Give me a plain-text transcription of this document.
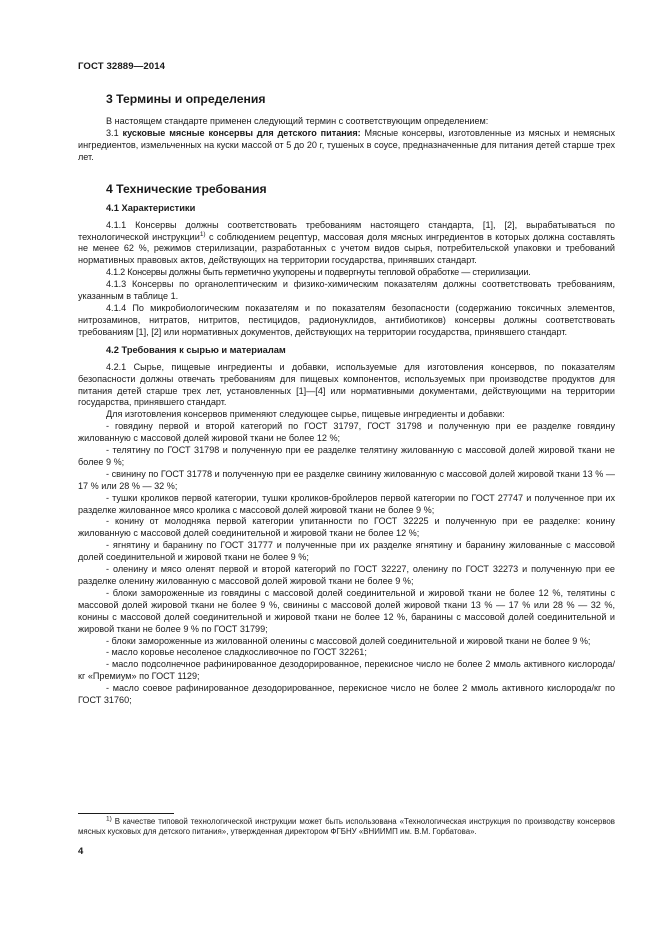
ГОСТ 32889—2014

3 Термины и определения

В настоящем стандарте применен следующий термин с соответствующим определением:

3.1 кусковые мясные консервы для детского питания: Мясные консервы, изготовленные из мясных и немясных ингредиентов, измельченных на куски массой от 5 до 20 г, тушеных в соусе, предназначенные для питания детей старше трех лет.

4 Технические требования

4.1 Характеристики

4.1.1 Консервы должны соответствовать требованиям настоящего стандарта, [1], [2], вырабатываться по технологической инструкции$^{1)}$ с соблюдением рецептур, массовая доля мясных ингредиентов в которых должна составлять не менее 62 %, режимов стерилизации, разработанных с учетом видов сырья, потребительской упаковки и требований нормативных правовых актов, действующих на территории государства, принявших стандарт.

4.1.2 Консервы должны быть герметично укупорены и подвергнуты тепловой обработке — стерилизации.

4.1.3 Консервы по органолептическим и физико-химическим показателям должны соответствовать требованиям, указанным в таблице 1.

4.1.4 По микробиологическим показателям и по показателям безопасности (содержанию токсичных элементов, нитрозаминов, нитратов, нитритов, пестицидов, радионуклидов, антибиотиков) консервы должны соответствовать требованиям [1], [2] или нормативных документов, действующих на территории государства, принявшего стандарт.

4.2 Требования к сырью и материалам

4.2.1 Сырье, пищевые ингредиенты и добавки, используемые для изготовления консервов, по показателям безопасности должны отвечать требованиям для пищевых компонентов, используемых при производстве продуктов для питания детей старше трех лет, установленных [1]—[4] или нормативными документами, действующими на территории государства, принявшего стандарт.

Для изготовления консервов применяют следующее сырье, пищевые ингредиенты и добавки:

- говядину первой и второй категорий по ГОСТ 31797, ГОСТ 31798 и полученную при ее разделке говядину жилованную с массовой долей жировой ткани не более 12 %;

- телятину по ГОСТ 31798 и полученную при ее разделке телятину жилованную с массовой долей жировой ткани не более 9 %;

- свинину по ГОСТ 31778 и полученную при ее разделке свинину жилованную с массовой долей жировой ткани 13 % — 17 % или 28 % — 32 %;

- тушки кроликов первой категории, тушки кроликов-бройлеров первой категории по ГОСТ 27747 и полученное при их разделке жилованное мясо кролика с массовой долей жировой ткани не более 9 %;

- конину от молодняка первой категории упитанности по ГОСТ 32225 и полученную при ее разделке: конину жилованную с массовой долей соединительной и жировой ткани не более 12 %;

- ягнятину и баранину по ГОСТ 31777 и полученные при их разделке ягнятину и баранину жилованные с массовой долей соединительной и жировой ткани не более 9 %;

- оленину и мясо оленят первой и второй категорий по ГОСТ 32227, оленину по ГОСТ 32273 и полученную при ее разделке оленину жилованную с массовой долей жировой ткани не более 9 %;

- блоки замороженные из говядины с массовой долей соединительной и жировой ткани не более 12 %, телятины с массовой долей жировой ткани не более 9 %, свинины с массовой долей жировой ткани 13 % — 17 % или 28 % — 32 %, конины с массовой долей соединительной и жировой ткани не более 12 %, баранины с массовой долей соединительной и жировой ткани не более 9 % по ГОСТ 31799;

- блоки замороженные из жилованной оленины с массовой долей соединительной и жировой ткани не более 9 %;

- масло коровье несоленое сладкосливочное по ГОСТ 32261;

- масло подсолнечное рафинированное дезодорированное, перекисное число не более 2 ммоль активного кислорода/кг «Премиум» по ГОСТ 1129;

- масло соевое рафинированное дезодорированное, перекисное число не более 2 ммоль активного кислорода/кг по ГОСТ 31760;

$^{1)}$ В качестве типовой технологической инструкции может быть использована «Технологическая инструкция по производству консервов мясных кусковых для детского питания», утвержденная директором ФГБНУ «ВНИИМП им. В.М. Горбатова».

4
